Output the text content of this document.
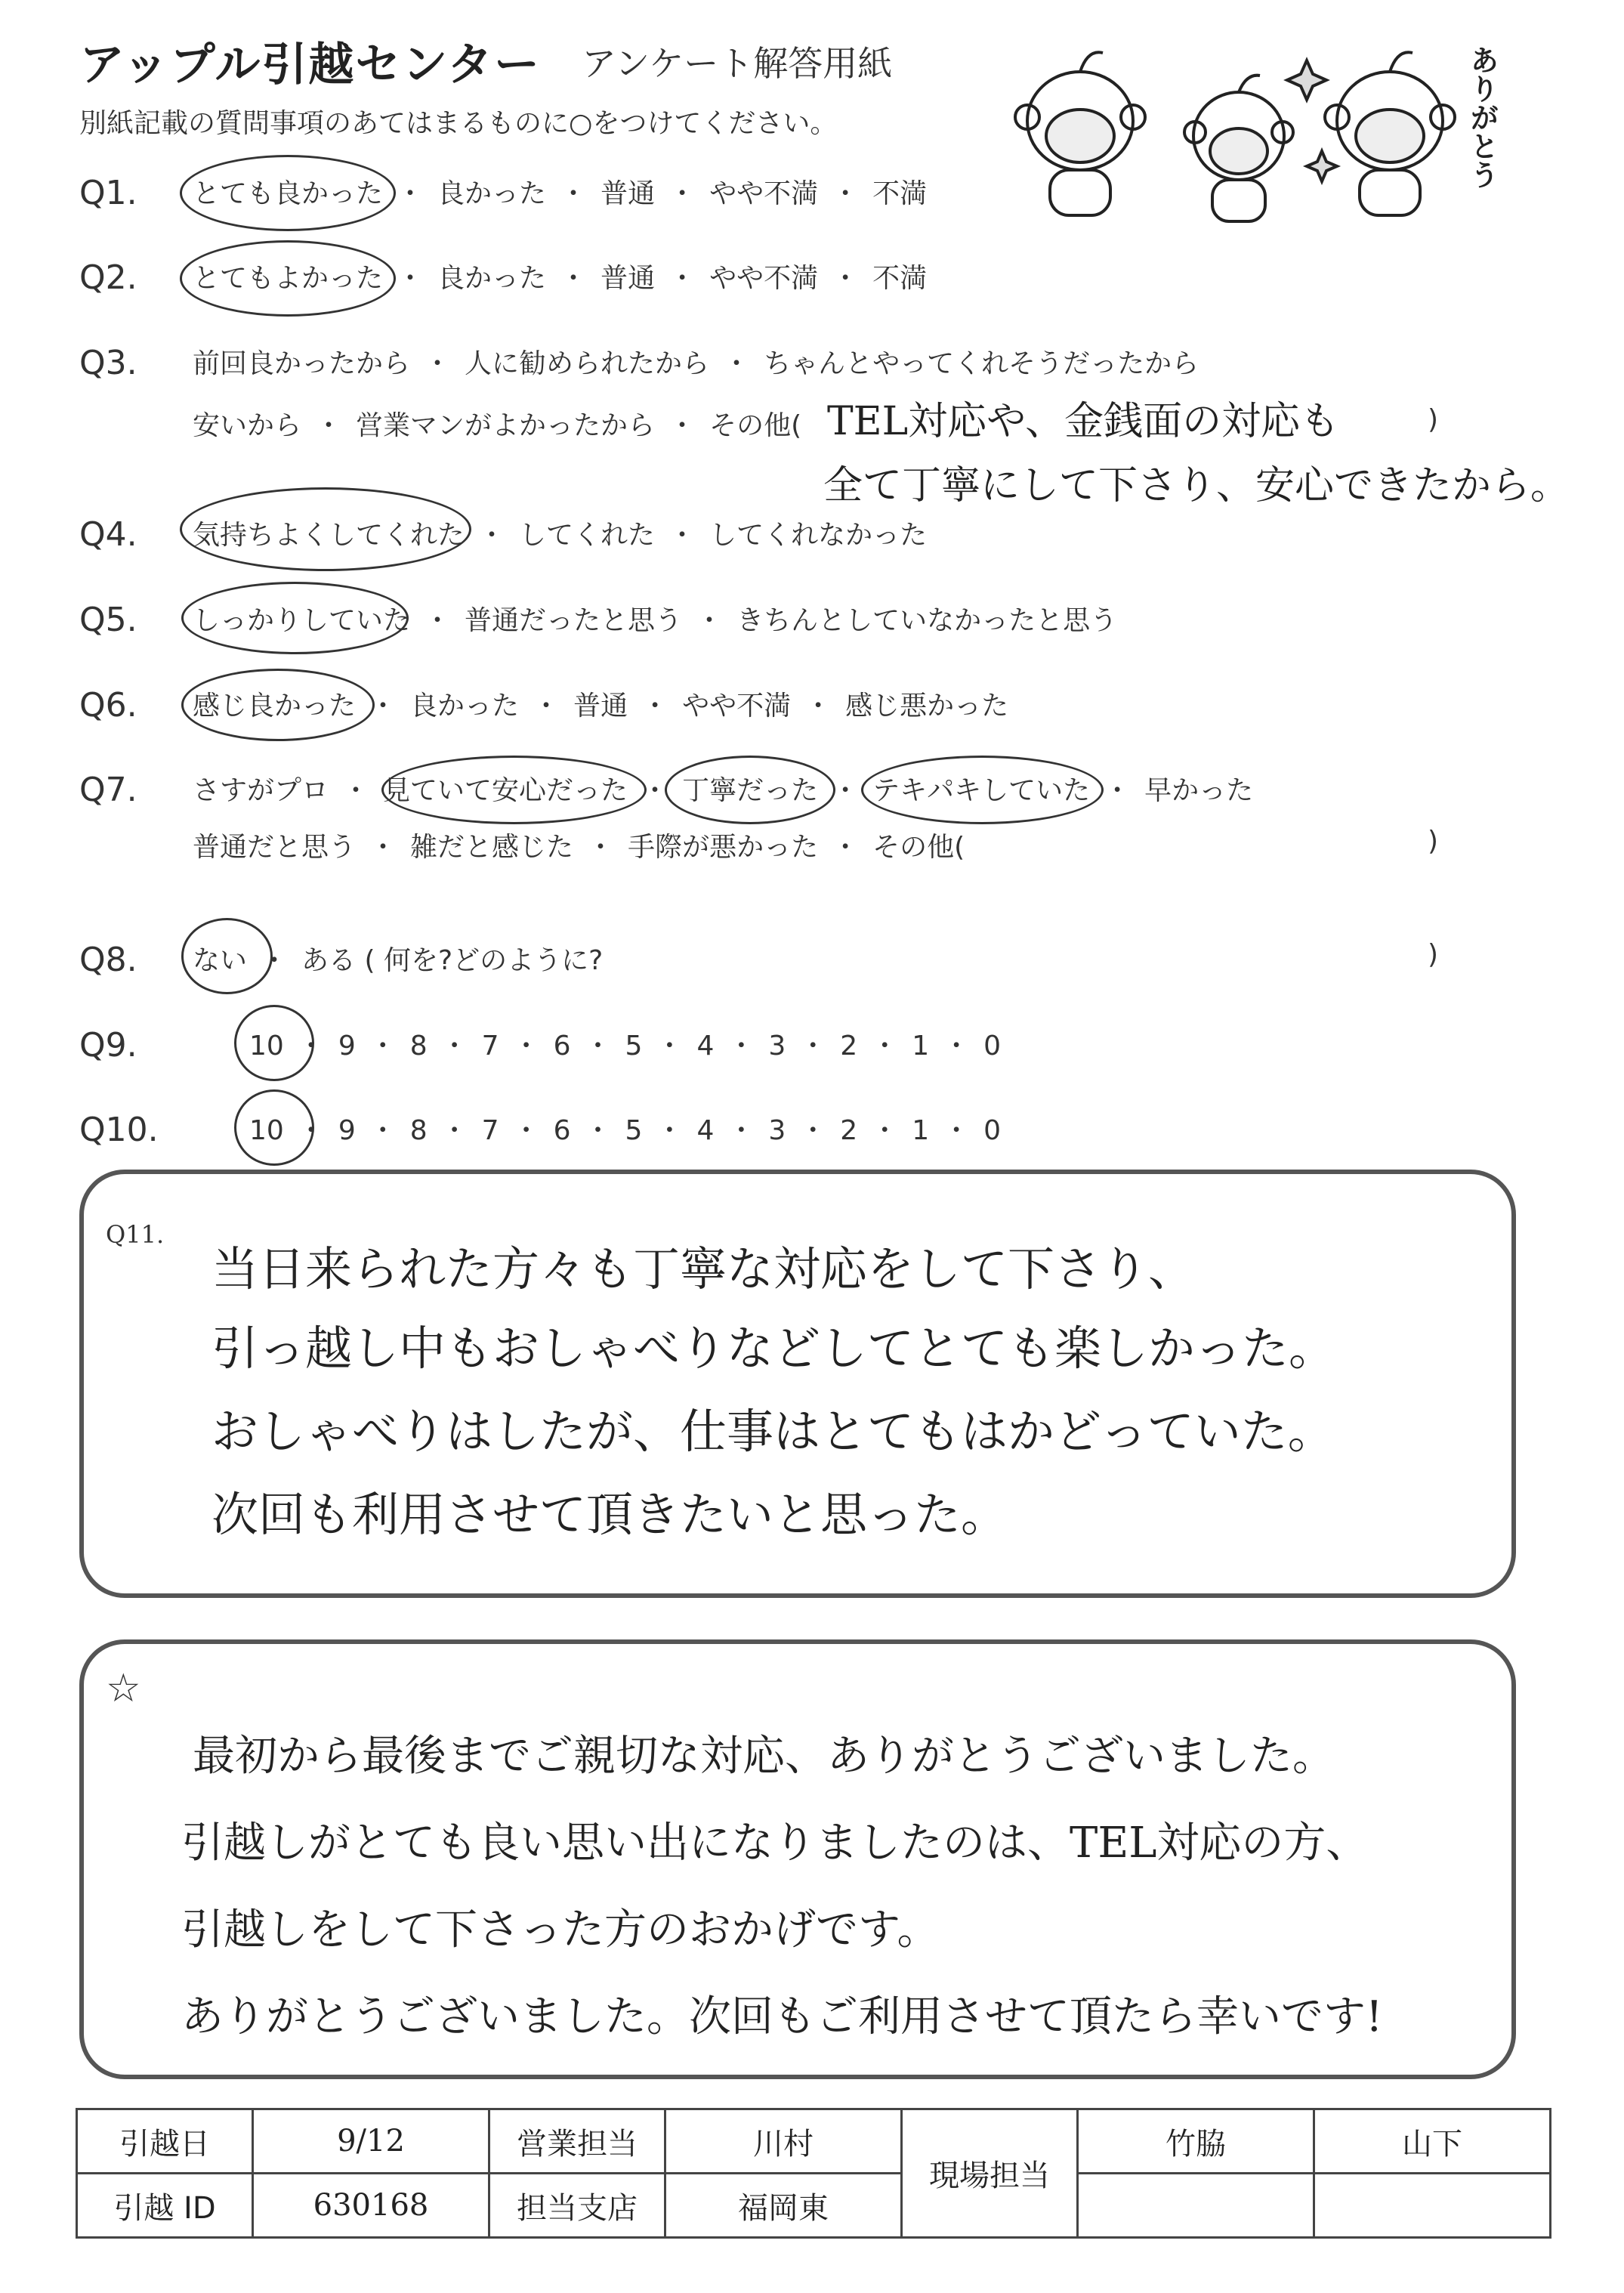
アップル引越センター アンケート解答用紙
別紙記載の質問事項のあてはまるものに○をつけてください。	ありがとう
Q1. とても良かった ・ 良かった ・ 普通 ・ やや不満 ・ 不満
Q2. とてもよかった ・ 良かった ・ 普通 ・ やや不満 ・ 不満
Q3. 前回良かったから ・ 人に勧められたから ・ ちゃんとやってくれそうだったから
安いから ・ 営業マンがよかったから ・ その他( TEL対応や、金銭面の対応も	)
全て丁寧にして下さり、安心できたから。
Q4. 気持ちよくしてくれた ・ してくれた ・ してくれなかった
Q5. しっかりしていた ・ 普通だったと思う ・ きちんとしていなかったと思う
Q6. 感じ良かった ・ 良かった ・ 普通 ・ やや不満 ・ 感じ悪かった
Q7. さすがプロ ・ 見ていて安心だった ・ 丁寧だった ・ テキパキしていた ・ 早かった
普通だと思う ・ 雑だと感じた ・ 手際が悪かった ・ その他(	)
Q8. ない ・ ある ( 何を?どのように?	)
Q9.	10 ・ 9 ・ 8 ・ 7 ・ 6 ・ 5 ・ 4 ・ 3 ・ 2 ・ 1 ・ 0
Q10.	10 ・ 9 ・ 8 ・ 7 ・ 6 ・ 5 ・ 4 ・ 3 ・ 2 ・ 1 ・ 0
Q11.
当日来られた方々も丁寧な対応をして下さり、
引っ越し中もおしゃべりなどしてとても楽しかった。
おしゃべりはしたが、仕事はとてもはかどっていた。
次回も利用させて頂きたいと思った。
☆
最初から最後までご親切な対応、ありがとうございました。
引越しがとても良い思い出になりましたのは、TEL対応の方、
引越しをして下さった方のおかげです。
ありがとうございました。次回もご利用させて頂たら幸いです!
引越日	9/12	営業担当	川村	現場担当	竹脇	山下
引越 ID	630168	担当支店	福岡東			
